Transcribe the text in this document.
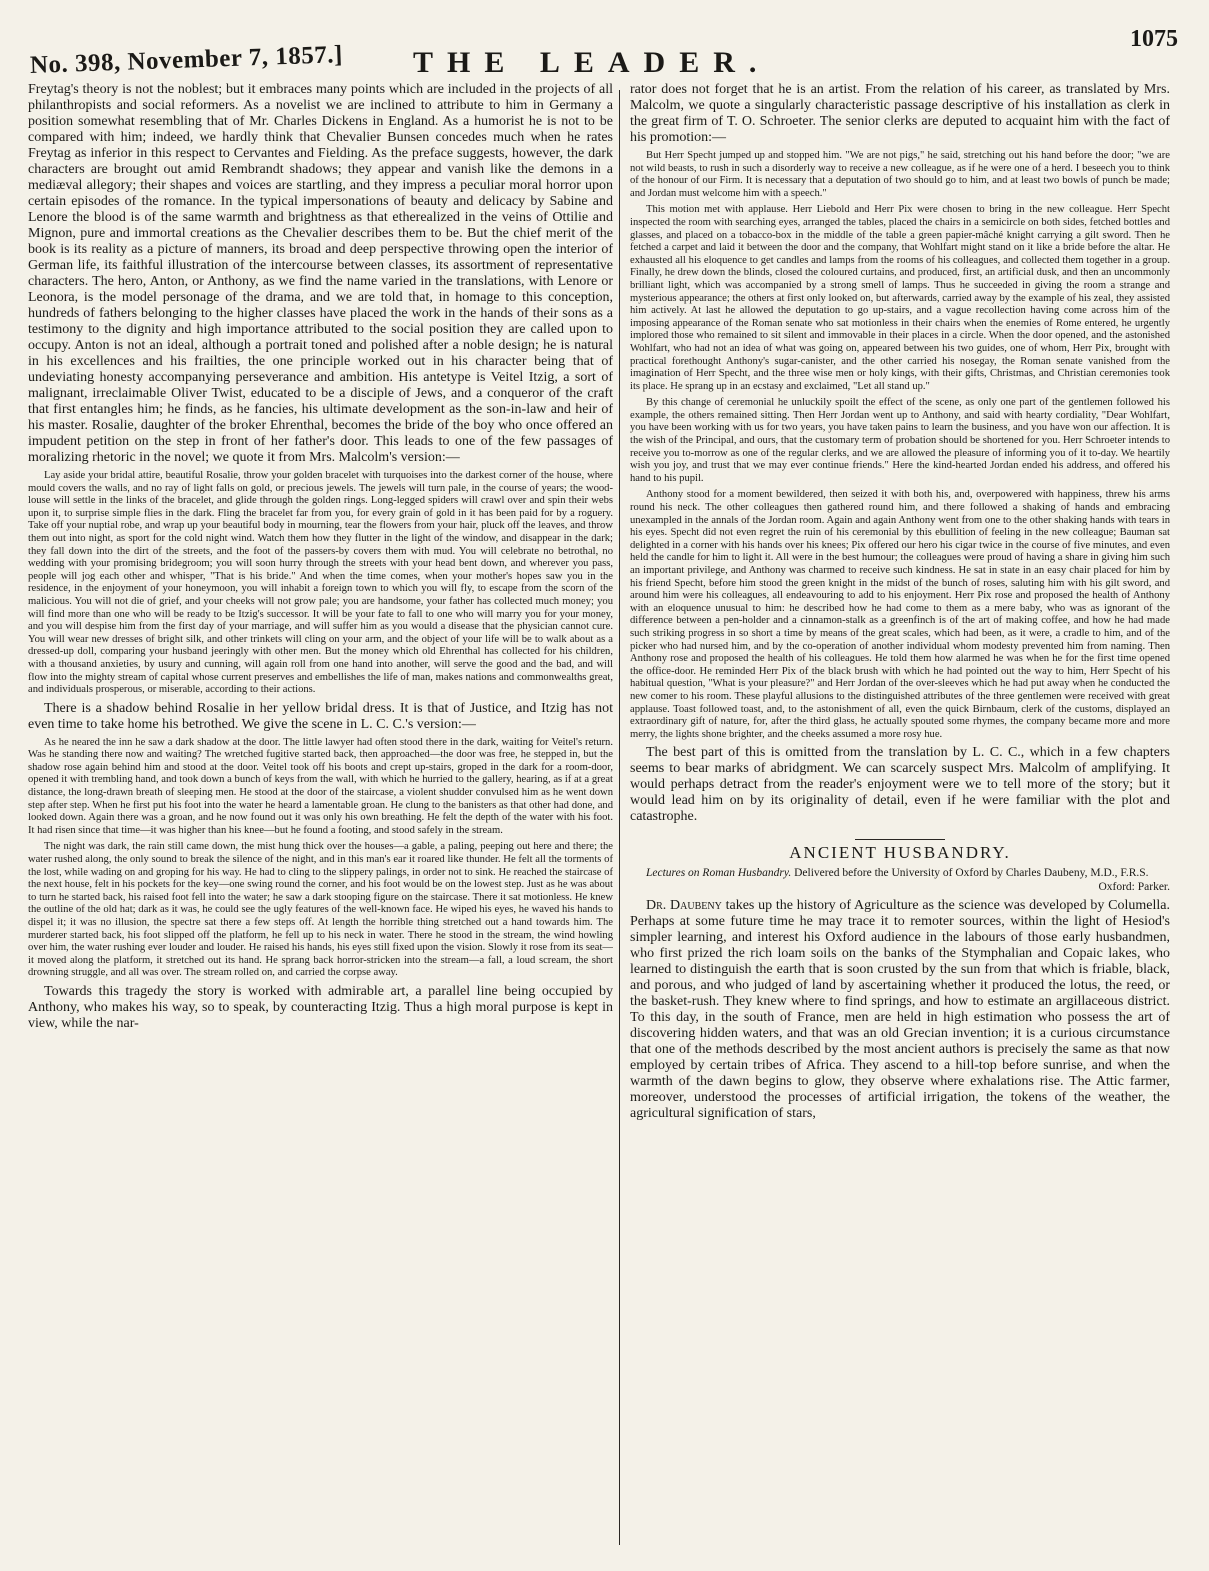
No. 398, November 7, 1857.] THE LEADER.
1075

Freytag's theory is not the noblest; but it embraces many points which are included in the projects of all philanthropists and social reformers. As a novelist we are inclined to attribute to him in Germany a position somewhat resembling that of Mr. Charles Dickens in England. As a humorist he is not to be compared with him; indeed, we hardly think that Chevalier Bunsen concedes much when he rates Freytag as inferior in this respect to Cervantes and Fielding. As the preface suggests, however, the dark characters are brought out amid Rembrandt shadows; they appear and vanish like the demons in a mediæval allegory; their shapes and voices are startling, and they impress a peculiar moral horror upon certain episodes of the romance. In the typical impersonations of beauty and delicacy by Sabine and Lenore the blood is of the same warmth and brightness as that etherealized in the veins of Ottilie and Mignon, pure and immortal creations as the Chevalier describes them to be. But the chief merit of the book is its reality as a picture of manners, its broad and deep perspective throwing open the interior of German life, its faithful illustration of the intercourse between classes, its assortment of representative characters. The hero, Anton, or Anthony, as we find the name varied in the translations, with Lenore or Leonora, is the model personage of the drama, and we are told that, in homage to this conception, hundreds of fathers belonging to the higher classes have placed the work in the hands of their sons as a testimony to the dignity and high importance attributed to the social position they are called upon to occupy. Anton is not an ideal, although a portrait toned and polished after a noble design; he is natural in his excellences and his frailties, the one principle worked out in his character being that of undeviating honesty accompanying perseverance and ambition. His antetype is Veitel Itzig, a sort of malignant, irreclaimable Oliver Twist, educated to be a disciple of Jews, and a conqueror of the craft that first entangles him; he finds, as he fancies, his ultimate development as the son-in-law and heir of his master. Rosalie, daughter of the broker Ehrenthal, becomes the bride of the boy who once offered an impudent petition on the step in front of her father's door. This leads to one of the few passages of moralizing rhetoric in the novel; we quote it from Mrs. Malcolm's version:—

Lay aside your bridal attire, beautiful Rosalie, throw your golden bracelet with turquoises into the darkest corner of the house, where mould covers the walls, and no ray of light falls on gold, or precious jewels. The jewels will turn pale, in the course of years; the wood-louse will settle in the links of the bracelet, and glide through the golden rings. Long-legged spiders will crawl over and spin their webs upon it, to surprise simple flies in the dark. Fling the bracelet far from you, for every grain of gold in it has been paid for by a roguery. Take off your nuptial robe, and wrap up your beautiful body in mourning, tear the flowers from your hair, pluck off the leaves, and throw them out into night, as sport for the cold night wind. Watch them how they flutter in the light of the window, and disappear in the dark; they fall down into the dirt of the streets, and the foot of the passers-by covers them with mud. You will celebrate no betrothal, no wedding with your promising bridegroom; you will soon hurry through the streets with your head bent down, and wherever you pass, people will jog each other and whisper, "That is his bride." And when the time comes, when your mother's hopes saw you in the residence, in the enjoyment of your honeymoon, you will inhabit a foreign town to which you will fly, to escape from the scorn of the malicious. You will not die of grief, and your cheeks will not grow pale; you are handsome, your father has collected much money; you will find more than one who will be ready to be Itzig's successor. It will be your fate to fall to one who will marry you for your money, and you will despise him from the first day of your marriage, and will suffer him as you would a disease that the physician cannot cure. You will wear new dresses of bright silk, and other trinkets will cling on your arm, and the object of your life will be to walk about as a dressed-up doll, comparing your husband jeeringly with other men. But the money which old Ehrenthal has collected for his children, with a thousand anxieties, by usury and cunning, will again roll from one hand into another, will serve the good and the bad, and will flow into the mighty stream of capital whose current preserves and embellishes the life of man, makes nations and commonwealths great, and individuals prosperous, or miserable, according to their actions.

There is a shadow behind Rosalie in her yellow bridal dress. It is that of Justice, and Itzig has not even time to take home his betrothed. We give the scene in L. C. C.'s version:—

As he neared the inn he saw a dark shadow at the door. The little lawyer had often stood there in the dark, waiting for Veitel's return. Was he standing there now and waiting? The wretched fugitive started back, then approached—the door was free, he stepped in, but the shadow rose again behind him and stood at the door. Veitel took off his boots and crept up-stairs, groped in the dark for a room-door, opened it with trembling hand, and took down a bunch of keys from the wall, with which he hurried to the gallery, hearing, as if at a great distance, the long-drawn breath of sleeping men. He stood at the door of the staircase, a violent shudder convulsed him as he went down step after step. When he first put his foot into the water he heard a lamentable groan. He clung to the banisters as that other had done, and looked down. Again there was a groan, and he now found out it was only his own breathing. He felt the depth of the water with his foot. It had risen since that time—it was higher than his knee—but he found a footing, and stood safely in the stream.

The night was dark, the rain still came down, the mist hung thick over the houses—a gable, a paling, peeping out here and there; the water rushed along, the only sound to break the silence of the night, and in this man's ear it roared like thunder. He felt all the torments of the lost, while wading on and groping for his way. He had to cling to the slippery palings, in order not to sink. He reached the staircase of the next house, felt in his pockets for the key—one swing round the corner, and his foot would be on the lowest step. Just as he was about to turn he started back, his raised foot fell into the water; he saw a dark stooping figure on the staircase. There it sat motionless. He knew the outline of the old hat; dark as it was, he could see the ugly features of the well-known face. He wiped his eyes, he waved his hands to dispel it; it was no illusion, the spectre sat there a few steps off. At length the horrible thing stretched out a hand towards him. The murderer started back, his foot slipped off the platform, he fell up to his neck in water. There he stood in the stream, the wind howling over him, the water rushing ever louder and louder. He raised his hands, his eyes still fixed upon the vision. Slowly it rose from its seat—it moved along the platform, it stretched out its hand. He sprang back horror-stricken into the stream—a fall, a loud scream, the short drowning struggle, and all was over. The stream rolled on, and carried the corpse away.

Towards this tragedy the story is worked with admirable art, a parallel line being occupied by Anthony, who makes his way, so to speak, by counteracting Itzig. Thus a high moral purpose is kept in view, while the nar-

rator does not forget that he is an artist. From the relation of his career, as translated by Mrs. Malcolm, we quote a singularly characteristic passage descriptive of his installation as clerk in the great firm of T. O. Schroeter. The senior clerks are deputed to acquaint him with the fact of his promotion:—

But Herr Specht jumped up and stopped him. "We are not pigs," he said, stretching out his hand before the door; "we are not wild beasts, to rush in such a disorderly way to receive a new colleague, as if he were one of a herd. I beseech you to think of the honour of our Firm. It is necessary that a deputation of two should go to him, and at least two bowls of punch be made; and Jordan must welcome him with a speech."

This motion met with applause. Herr Liebold and Herr Pix were chosen to bring in the new colleague. Herr Specht inspected the room with searching eyes, arranged the tables, placed the chairs in a semicircle on both sides, fetched bottles and glasses, and placed on a tobacco-box in the middle of the table a green papier-mâché knight carrying a gilt sword. Then he fetched a carpet and laid it between the door and the company, that Wohlfart might stand on it like a bride before the altar. He exhausted all his eloquence to get candles and lamps from the rooms of his colleagues, and collected them together in a group. Finally, he drew down the blinds, closed the coloured curtains, and produced, first, an artificial dusk, and then an uncommonly brilliant light, which was accompanied by a strong smell of lamps. Thus he succeeded in giving the room a strange and mysterious appearance; the others at first only looked on, but afterwards, carried away by the example of his zeal, they assisted him actively. At last he allowed the deputation to go up-stairs, and a vague recollection having come across him of the imposing appearance of the Roman senate who sat motionless in their chairs when the enemies of Rome entered, he urgently implored those who remained to sit silent and immovable in their places in a circle. When the door opened, and the astonished Wohlfart, who had not an idea of what was going on, appeared between his two guides, one of whom, Herr Pix, brought with practical forethought Anthony's sugar-canister, and the other carried his nosegay, the Roman senate vanished from the imagination of Herr Specht, and the three wise men or holy kings, with their gifts, Christmas, and Christian ceremonies took its place. He sprang up in an ecstasy and exclaimed, "Let all stand up."

By this change of ceremonial he unluckily spoilt the effect of the scene, as only one part of the gentlemen followed his example, the others remained sitting. Then Herr Jordan went up to Anthony, and said with hearty cordiality, "Dear Wohlfart, you have been working with us for two years, you have taken pains to learn the business, and you have won our affection. It is the wish of the Principal, and ours, that the customary term of probation should be shortened for you. Herr Schroeter intends to receive you to-morrow as one of the regular clerks, and we are allowed the pleasure of informing you of it to-day. We heartily wish you joy, and trust that we may ever continue friends." Here the kind-hearted Jordan ended his address, and offered his hand to his pupil.

Anthony stood for a moment bewildered, then seized it with both his, and, overpowered with happiness, threw his arms round his neck. The other colleagues then gathered round him, and there followed a shaking of hands and embracing unexampled in the annals of the Jordan room. Again and again Anthony went from one to the other shaking hands with tears in his eyes. Specht did not even regret the ruin of his ceremonial by this ebullition of feeling in the new colleague; Bauman sat delighted in a corner with his hands over his knees; Pix offered our hero his cigar twice in the course of five minutes, and even held the candle for him to light it. All were in the best humour; the colleagues were proud of having a share in giving him such an important privilege, and Anthony was charmed to receive such kindness. He sat in state in an easy chair placed for him by his friend Specht, before him stood the green knight in the midst of the bunch of roses, saluting him with his gilt sword, and around him were his colleagues, all endeavouring to add to his enjoyment. Herr Pix rose and proposed the health of Anthony with an eloquence unusual to him: he described how he had come to them as a mere baby, who was as ignorant of the difference between a pen-holder and a cinnamon-stalk as a greenfinch is of the art of making coffee, and how he had made such striking progress in so short a time by means of the great scales, which had been, as it were, a cradle to him, and of the picker who had nursed him, and by the co-operation of another individual whom modesty prevented him from naming. Then Anthony rose and proposed the health of his colleagues. He told them how alarmed he was when he for the first time opened the office-door. He reminded Herr Pix of the black brush with which he had pointed out the way to him, Herr Specht of his habitual question, "What is your pleasure?" and Herr Jordan of the over-sleeves which he had put away when he conducted the new comer to his room. These playful allusions to the distinguished attributes of the three gentlemen were received with great applause. Toast followed toast, and, to the astonishment of all, even the quick Birnbaum, clerk of the customs, displayed an extraordinary gift of nature, for, after the third glass, he actually spouted some rhymes, the company became more and more merry, the lights shone brighter, and the cheeks assumed a more rosy hue.

The best part of this is omitted from the translation by L. C. C., which in a few chapters seems to bear marks of abridgment. We can scarcely suspect Mrs. Malcolm of amplifying. It would perhaps detract from the reader's enjoyment were we to tell more of the story; but it would lead him on by its originality of detail, even if he were familiar with the plot and catastrophe.

ANCIENT HUSBANDRY.

Lectures on Roman Husbandry. Delivered before the University of Oxford by Charles Daubeny, M.D., F.R.S.
Oxford: Parker.

Dr. Daubeny takes up the history of Agriculture as the science was developed by Columella. Perhaps at some future time he may trace it to remoter sources, within the light of Hesiod's simpler learning, and interest his Oxford audience in the labours of those early husbandmen, who first prized the rich loam soils on the banks of the Stymphalian and Copaic lakes, who learned to distinguish the earth that is soon crusted by the sun from that which is friable, black, and porous, and who judged of land by ascertaining whether it produced the lotus, the reed, or the basket-rush. They knew where to find springs, and how to estimate an argillaceous district. To this day, in the south of France, men are held in high estimation who possess the art of discovering hidden waters, and that was an old Grecian invention; it is a curious circumstance that one of the methods described by the most ancient authors is precisely the same as that now employed by certain tribes of Africa. They ascend to a hill-top before sunrise, and when the warmth of the dawn begins to glow, they observe where exhalations rise. The Attic farmer, moreover, understood the processes of artificial irrigation, the tokens of the weather, the agricultural signification of stars,
